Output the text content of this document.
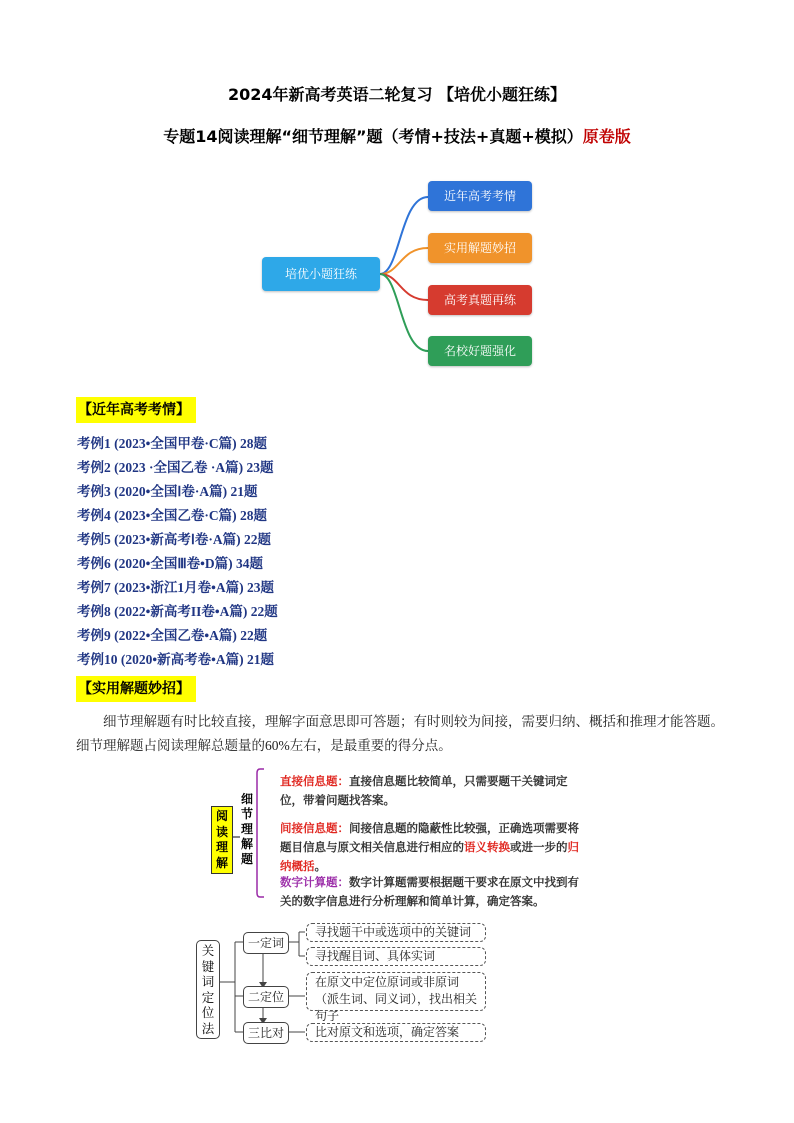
2024年新高考英语二轮复习 【培优小题狂练】
专题14阅读理解“细节理解”题（考情+技法+真题+模拟）原卷版
培优小题狂练
近年高考考情
实用解题妙招
高考真题再练
名校好题强化
【近年高考考情】
考例1 (2023•全国甲卷·C篇) 28题
考例2 (2023 ·全国乙卷 ·A篇) 23题
考例3 (2020•全国Ⅰ卷·A篇) 21题
考例4 (2023•全国乙卷·C篇) 28题
考例5 (2023•新高考Ⅰ卷·A篇) 22题
考例6 (2020•全国Ⅲ卷•D篇) 34题
考例7 (2023•浙江1月卷•A篇) 23题
考例8 (2022•新高考II卷•A篇) 22题
考例9 (2022•全国乙卷•A篇) 22题
考例10 (2020•新高考卷•A篇) 21题
【实用解题妙招】
细节理解题有时比较直接，理解字面意思即可答题；有时则较为间接，需要归纳、概括和推理才能答题。细节理解题占阅读理解总题量的60%左右，是最重要的得分点。
阅读理解
细节理解题
直接信息题：直接信息题比较简单，只需要题干关键词定位，带着问题找答案。
间接信息题：间接信息题的隐蔽性比较强，正确选项需要将题目信息与原文相关信息进行相应的语义转换或进一步的归纳概括。
数字计算题：数字计算题需要根据题干要求在原文中找到有关的数字信息进行分析理解和简单计算，确定答案。
关键词定位法
一定词
二定位
三比对
寻找题干中或选项中的关键词
寻找醒目词、具体实词
在原文中定位原词或非原词（派生词、同义词），找出相关句子
比对原文和选项，确定答案
